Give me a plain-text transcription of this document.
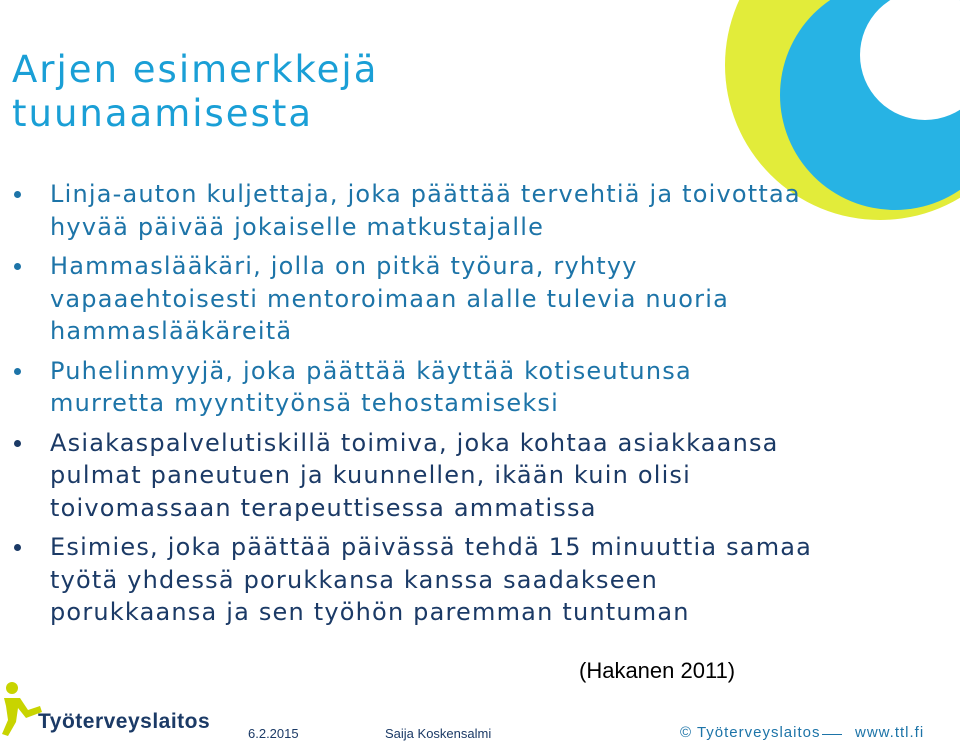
Arjen esimerkkejä
tuunaamisesta
Linja-auton kuljettaja, joka päättää tervehtiä ja toivottaa
hyvää päivää jokaiselle matkustajalle
Hammaslääkäri, jolla on pitkä työura, ryhtyy
vapaaehtoisesti mentoroimaan alalle tulevia nuoria
hammaslääkäreitä
Puhelinmyyjä, joka päättää käyttää kotiseutunsa
murretta myyntityönsä tehostamiseksi
Asiakaspalvelutiskillä toimiva, joka kohtaa asiakkaansa
pulmat paneutuen ja kuunnellen, ikään kuin olisi
toivomassaan terapeuttisessa ammatissa
Esimies, joka päättää päivässä tehdä 15 minuuttia samaa
työtä yhdessä porukkansa kanssa saadakseen
porukkaansa ja sen työhön paremman tuntuman
(Hakanen 2011)
Työterveyslaitos
6.2.2015	Saija Koskensalmi	© Työterveyslaitos www.ttl.fi
